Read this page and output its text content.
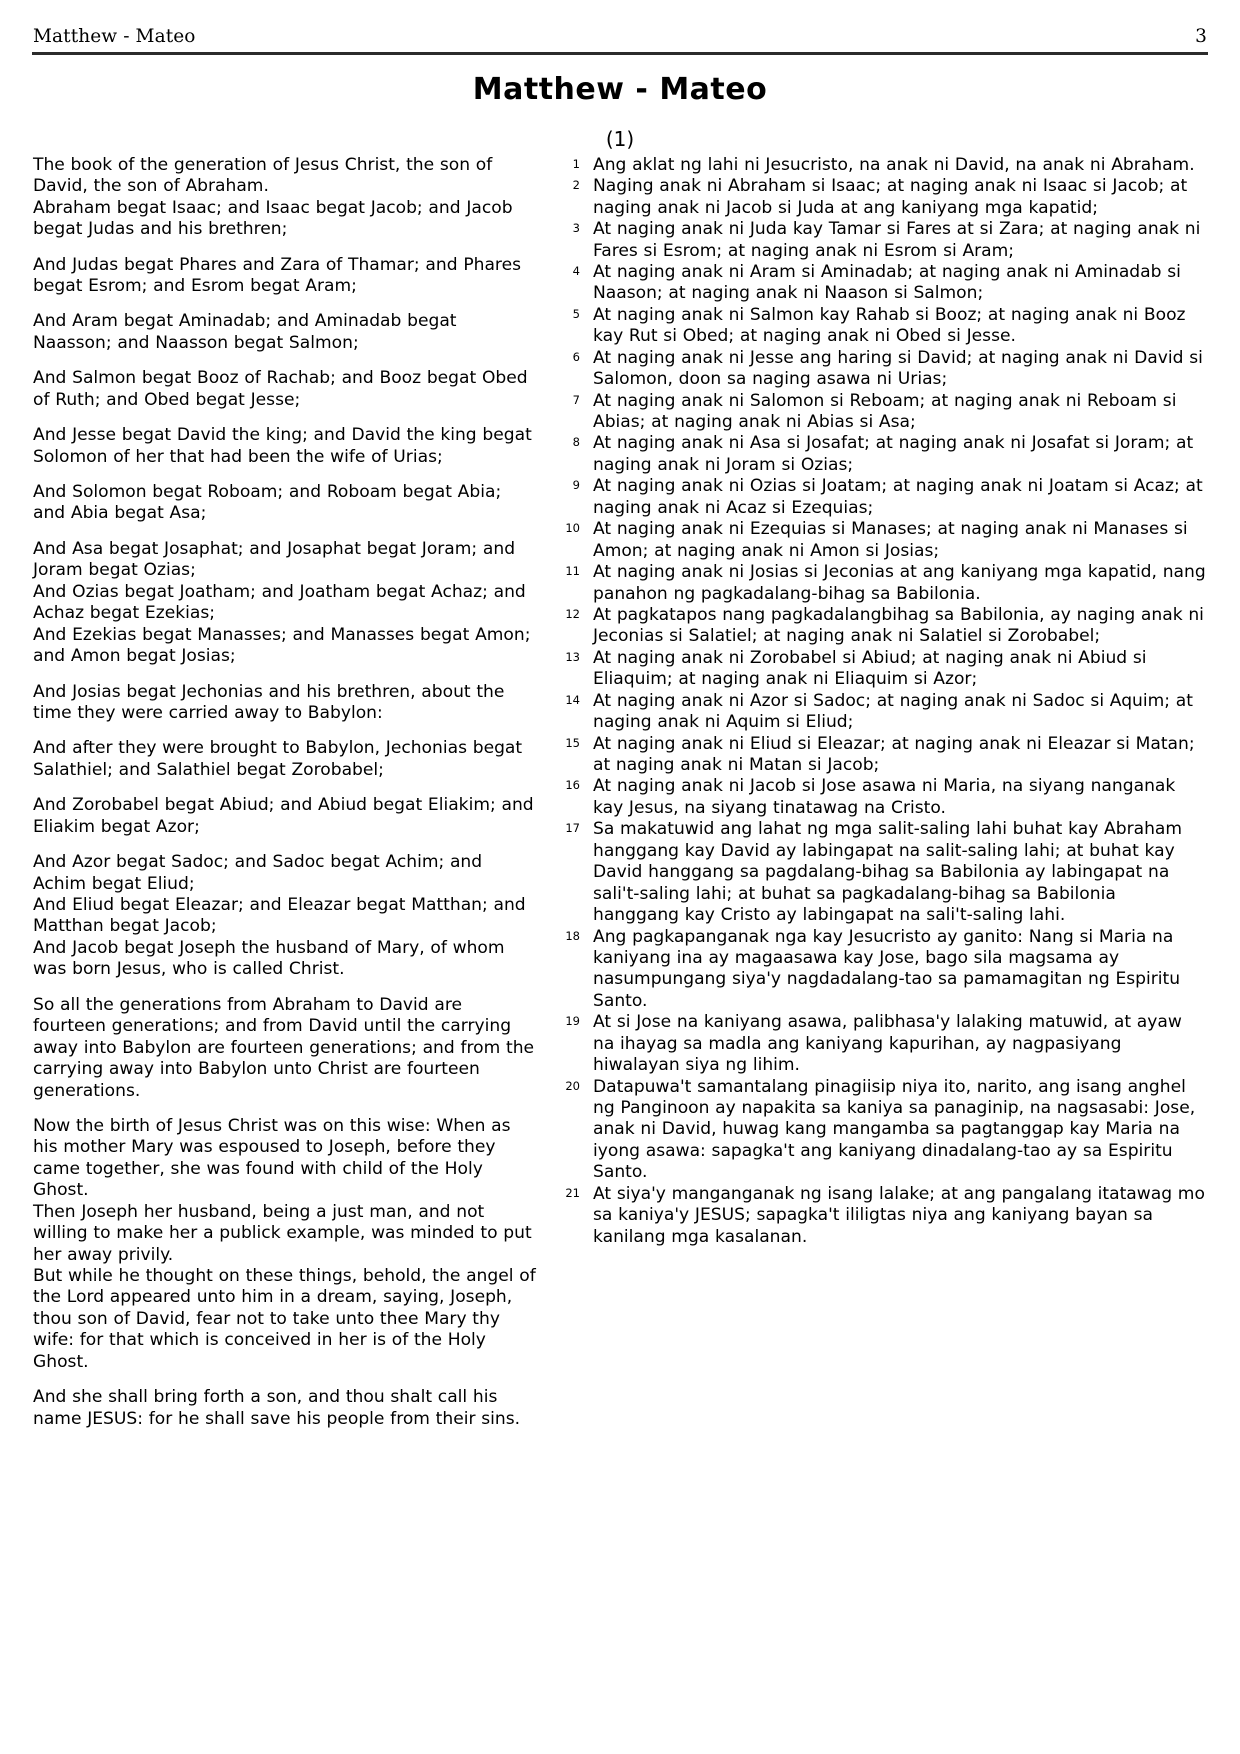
Matthew - Mateo	3
Matthew - Mateo
(1)

The book of the generation of Jesus Christ, the son of David, the son of Abraham.

Abraham begat Isaac; and Isaac begat Jacob; and Jacob begat Judas and his brethren;

And Judas begat Phares and Zara of Thamar; and Phares begat Esrom; and Esrom begat Aram;

And Aram begat Aminadab; and Aminadab begat Naasson; and Naasson begat Salmon;

And Salmon begat Booz of Rachab; and Booz begat Obed of Ruth; and Obed begat Jesse;

And Jesse begat David the king; and David the king begat Solomon of her that had been the wife of Urias;

And Solomon begat Roboam; and Roboam begat Abia; and Abia begat Asa;

And Asa begat Josaphat; and Josaphat begat Joram; and Joram begat Ozias;

And Ozias begat Joatham; and Joatham begat Achaz; and Achaz begat Ezekias;

And Ezekias begat Manasses; and Manasses begat Amon; and Amon begat Josias;

And Josias begat Jechonias and his brethren, about the time they were carried away to Babylon:

And after they were brought to Babylon, Jechonias begat Salathiel; and Salathiel begat Zorobabel;

And Zorobabel begat Abiud; and Abiud begat Eliakim; and Eliakim begat Azor;

And Azor begat Sadoc; and Sadoc begat Achim; and Achim begat Eliud;

And Eliud begat Eleazar; and Eleazar begat Matthan; and Matthan begat Jacob;

And Jacob begat Joseph the husband of Mary, of whom was born Jesus, who is called Christ.

So all the generations from Abraham to David are fourteen generations; and from David until the carrying away into Babylon are fourteen generations; and from the carrying away into Babylon unto Christ are fourteen generations.

Now the birth of Jesus Christ was on this wise: When as his mother Mary was espoused to Joseph, before they came together, she was found with child of the Holy Ghost.

Then Joseph her husband, being a just man, and not willing to make her a publick example, was minded to put her away privily.

But while he thought on these things, behold, the angel of the Lord appeared unto him in a dream, saying, Joseph, thou son of David, fear not to take unto thee Mary thy wife: for that which is conceived in her is of the Holy Ghost.

And she shall bring forth a son, and thou shalt call his name JESUS: for he shall save his people from their sins.

1 Ang aklat ng lahi ni Jesucristo, na anak ni David, na anak ni Abraham.
2 Naging anak ni Abraham si Isaac; at naging anak ni Isaac si Jacob; at naging anak ni Jacob si Juda at ang kaniyang mga kapatid;
3 At naging anak ni Juda kay Tamar si Fares at si Zara; at naging anak ni Fares si Esrom; at naging anak ni Esrom si Aram;
4 At naging anak ni Aram si Aminadab; at naging anak ni Aminadab si Naason; at naging anak ni Naason si Salmon;
5 At naging anak ni Salmon kay Rahab si Booz; at naging anak ni Booz kay Rut si Obed; at naging anak ni Obed si Jesse.
6 At naging anak ni Jesse ang haring si David; at naging anak ni David si Salomon, doon sa naging asawa ni Urias;
7 At naging anak ni Salomon si Reboam; at naging anak ni Reboam si Abias; at naging anak ni Abias si Asa;
8 At naging anak ni Asa si Josafat; at naging anak ni Josafat si Joram; at naging anak ni Joram si Ozias;
9 At naging anak ni Ozias si Joatam; at naging anak ni Joatam si Acaz; at naging anak ni Acaz si Ezequias;
10 At naging anak ni Ezequias si Manases; at naging anak ni Manases si Amon; at naging anak ni Amon si Josias;
11 At naging anak ni Josias si Jeconias at ang kaniyang mga kapatid, nang panahon ng pagkadalang-bihag sa Babilonia.
12 At pagkatapos nang pagkadalangbihag sa Babilonia, ay naging anak ni Jeconias si Salatiel; at naging anak ni Salatiel si Zorobabel;
13 At naging anak ni Zorobabel si Abiud; at naging anak ni Abiud si Eliaquim; at naging anak ni Eliaquim si Azor;
14 At naging anak ni Azor si Sadoc; at naging anak ni Sadoc si Aquim; at naging anak ni Aquim si Eliud;
15 At naging anak ni Eliud si Eleazar; at naging anak ni Eleazar si Matan; at naging anak ni Matan si Jacob;
16 At naging anak ni Jacob si Jose asawa ni Maria, na siyang nanganak kay Jesus, na siyang tinatawag na Cristo.
17 Sa makatuwid ang lahat ng mga salit-saling lahi buhat kay Abraham hanggang kay David ay labingapat na salit-saling lahi; at buhat kay David hanggang sa pagdalang-bihag sa Babilonia ay labingapat na sali't-saling lahi; at buhat sa pagkadalang-bihag sa Babilonia hanggang kay Cristo ay labingapat na sali't-saling lahi.
18 Ang pagkapanganak nga kay Jesucristo ay ganito: Nang si Maria na kaniyang ina ay magaasawa kay Jose, bago sila magsama ay nasumpungang siya'y nagdadalang-tao sa pamamagitan ng Espiritu Santo.
19 At si Jose na kaniyang asawa, palibhasa'y lalaking matuwid, at ayaw na ihayag sa madla ang kaniyang kapurihan, ay nagpasiyang hiwalayan siya ng lihim.
20 Datapuwa't samantalang pinagiisip niya ito, narito, ang isang anghel ng Panginoon ay napakita sa kaniya sa panaginip, na nagsasabi: Jose, anak ni David, huwag kang mangamba sa pagtanggap kay Maria na iyong asawa: sapagka't ang kaniyang dinadalang-tao ay sa Espiritu Santo.
21 At siya'y manganganak ng isang lalake; at ang pangalang itatawag mo sa kaniya'y JESUS; sapagka't ililigtas niya ang kaniyang bayan sa kanilang mga kasalanan.
